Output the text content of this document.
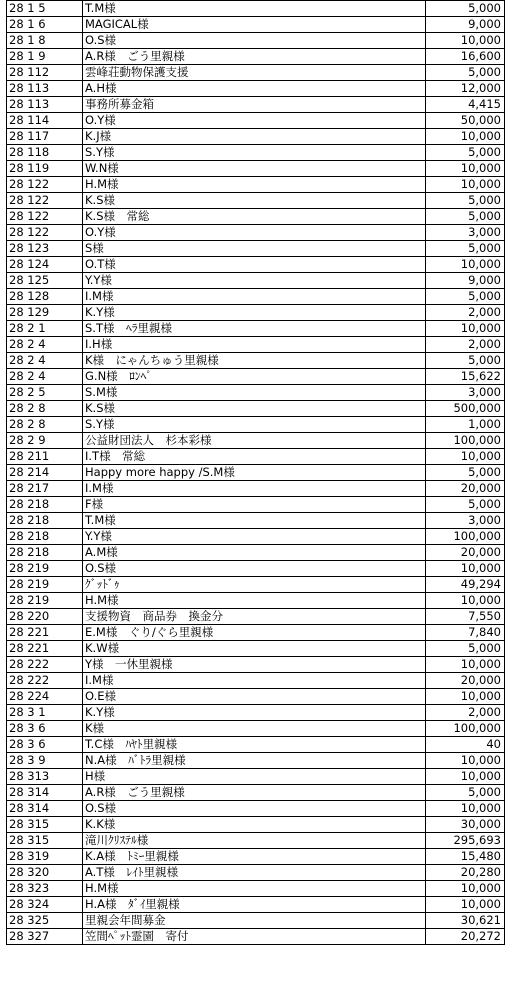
28 1 5	T.M様	5,000
28 1 6	MAGICAL様	9,000
28 1 8	O.S様	10,000
28 1 9	A.R様　ごう里親様	16,600
28 112	雲峰荘動物保護支援	5,000
28 113	A.H様	12,000
28 113	事務所募金箱	4,415
28 114	O.Y様	50,000
28 117	K.J様	10,000
28 118	S.Y様	5,000
28 119	W.N様	10,000
28 122	H.M様	10,000
28 122	K.S様	5,000
28 122	K.S様　常総	5,000
28 122	O.Y様	3,000
28 123	S様	5,000
28 124	O.T様	10,000
28 125	Y.Y様	9,000
28 128	I.M様	5,000
28 129	K.Y様	2,000
28 2 1	S.T様　ﾍﾗ里親様	10,000
28 2 4	I.H様	2,000
28 2 4	K様　にゃんちゅう里親様	5,000
28 2 4	G.N様　ﾛﾝﾍﾟ	15,622
28 2 5	S.M様	3,000
28 2 8	K.S様	500,000
28 2 8	S.Y様	1,000
28 2 9	公益財団法人　杉本彩様	100,000
28 211	I.T様　常総	10,000
28 214	Happy more happy /S.M様	5,000
28 217	I.M様	20,000
28 218	F様	5,000
28 218	T.M様	3,000
28 218	Y.Y様	100,000
28 218	A.M様	20,000
28 219	O.S様	10,000
28 219	ｸﾞｯﾄﾞｩ	49,294
28 219	H.M様	10,000
28 220	支援物資　商品券　換金分	7,550
28 221	E.M様　ぐり/ぐら里親様	7,840
28 221	K.W様	5,000
28 222	Y様　一休里親様	10,000
28 222	I.M様	20,000
28 224	O.E様	10,000
28 3 1	K.Y様	2,000
28 3 6	K様	100,000
28 3 6	T.C様　ﾊﾔﾄ里親様	40
28 3 9	N.A様　ﾊﾞﾄﾗ里親様	10,000
28 313	H様	10,000
28 314	A.R様　ごう里親様	5,000
28 314	O.S様	10,000
28 315	K.K様	30,000
28 315	滝川ｸﾘｽﾃﾙ様	295,693
28 319	K.A様　ﾄﾐｰ里親様	15,480
28 320	A.T様　ﾚｲﾄ里親様	20,280
28 323	H.M様	10,000
28 324	H.A様　ﾀﾞｲ里親様	10,000
28 325	里親会年間募金	30,621
28 327	笠間ﾍﾟｯﾄ霊園　寄付	20,272
